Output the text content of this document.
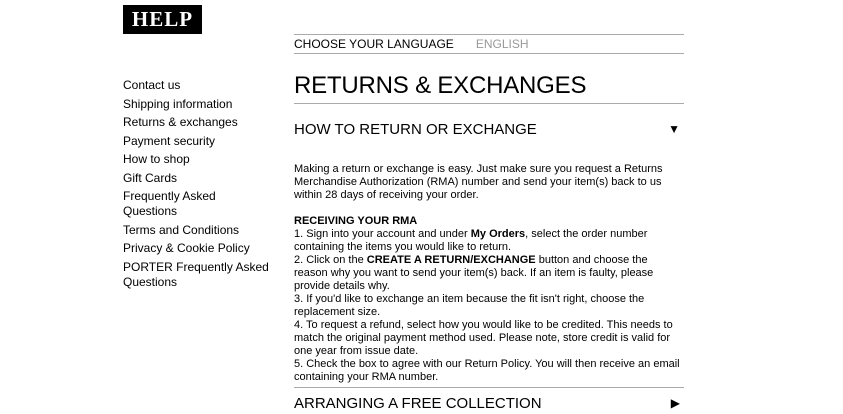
HELP
CHOOSE YOUR LANGUAGE ENGLISH
Contact us
Shipping information
Returns & exchanges
Payment security
How to shop
Gift Cards
Frequently Asked Questions
Terms and Conditions
Privacy & Cookie Policy
PORTER Frequently Asked Questions
RETURNS & EXCHANGES
HOW TO RETURN OR EXCHANGE	▼

Making a return or exchange is easy. Just make sure you request a Returns Merchandise Authorization (RMA) number and send your item(s) back to us within 28 days of receiving your order.

RECEIVING YOUR RMA

1. Sign into your account and under My Orders, select the order number containing the items you would like to return.

2. Click on the CREATE A RETURN/EXCHANGE button and choose the reason why you want to send your item(s) back. If an item is faulty, please provide details why.

3. If you'd like to exchange an item because the fit isn't right, choose the replacement size.

4. To request a refund, select how you would like to be credited. This needs to match the original payment method used. Please note, store credit is valid for one year from issue date.

5. Check the box to agree with our Return Policy. You will then receive an email containing your RMA number.

ARRANGING A FREE COLLECTION	▶
